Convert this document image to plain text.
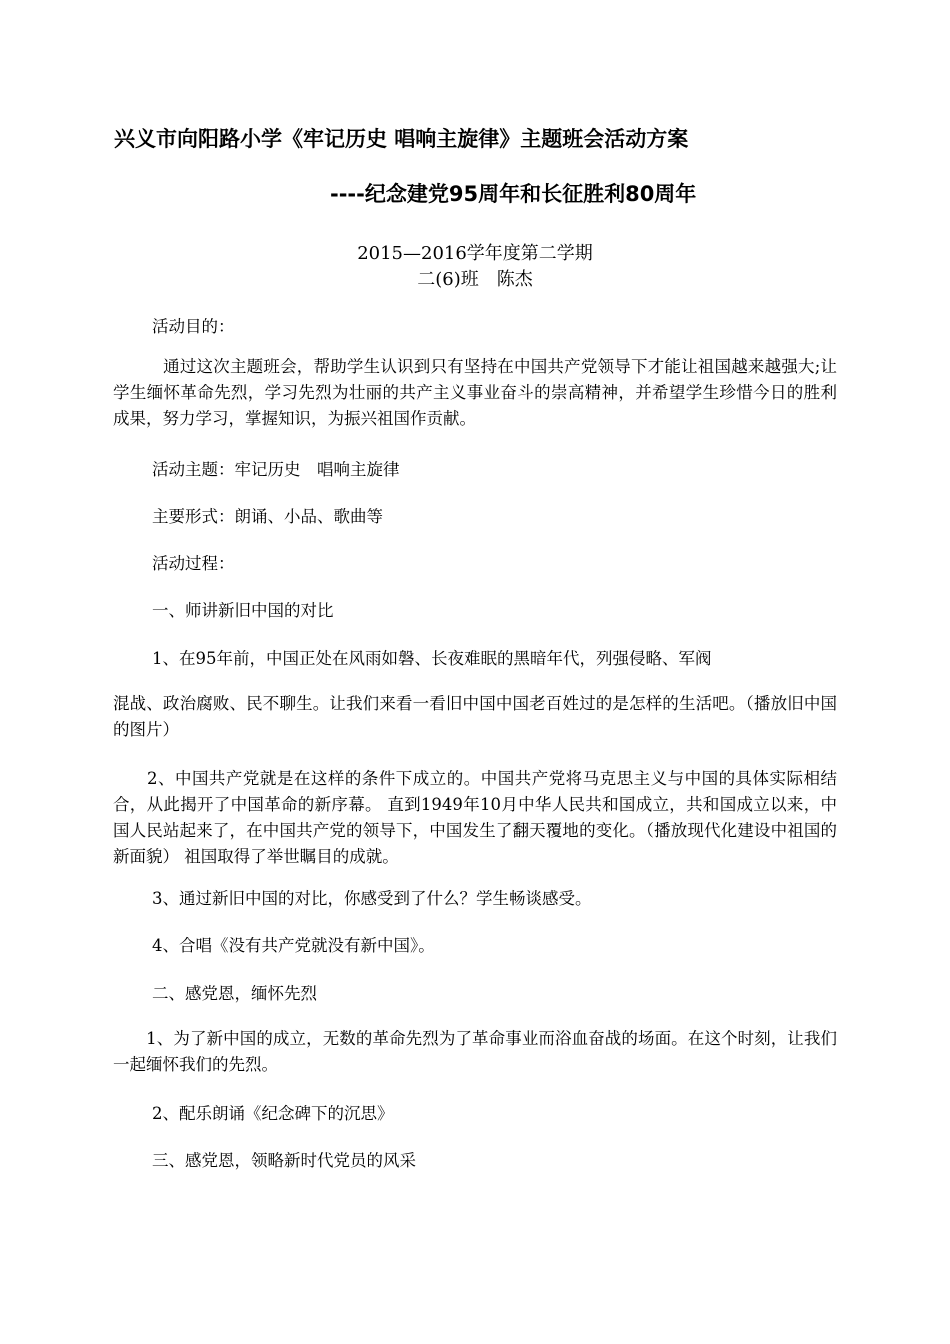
兴义市向阳路小学《牢记历史 唱响主旋律》主题班会活动方案
----纪念建党95周年和长征胜利80周年
2015—2016学年度第二学期
二(6)班　陈杰
活动目的：
　　　通过这次主题班会，帮助学生认识到只有坚持在中国共产党领导下才能让祖国越来越强大;让学生缅怀革命先烈，学习先烈为壮丽的共产主义事业奋斗的崇高精神，并希望学生珍惜今日的胜利成果，努力学习，掌握知识，为振兴祖国作贡献。
活动主题：牢记历史　唱响主旋律
主要形式：朗诵、小品、歌曲等
活动过程：
一、师讲新旧中国的对比
1、在95年前，中国正处在风雨如磐、长夜难眠的黑暗年代，列强侵略、军阀
混战、政治腐败、民不聊生。让我们来看一看旧中国中国老百姓过的是怎样的生活吧。（播放旧中国的图片）
　　2、中国共产党就是在这样的条件下成立的。中国共产党将马克思主义与中国的具体实际相结合，从此揭开了中国革命的新序幕。 直到1949年10月中华人民共和国成立，共和国成立以来，中国人民站起来了，在中国共产党的领导下，中国发生了翻天覆地的变化。（播放现代化建设中祖国的新面貌） 祖国取得了举世瞩目的成就。
3、通过新旧中国的对比，你感受到了什么？学生畅谈感受。
4、合唱《没有共产党就没有新中国》。
二、感党恩，缅怀先烈
　　1、为了新中国的成立，无数的革命先烈为了革命事业而浴血奋战的场面。在这个时刻，让我们一起缅怀我们的先烈。
2、配乐朗诵《纪念碑下的沉思》
三、感党恩，领略新时代党员的风采
